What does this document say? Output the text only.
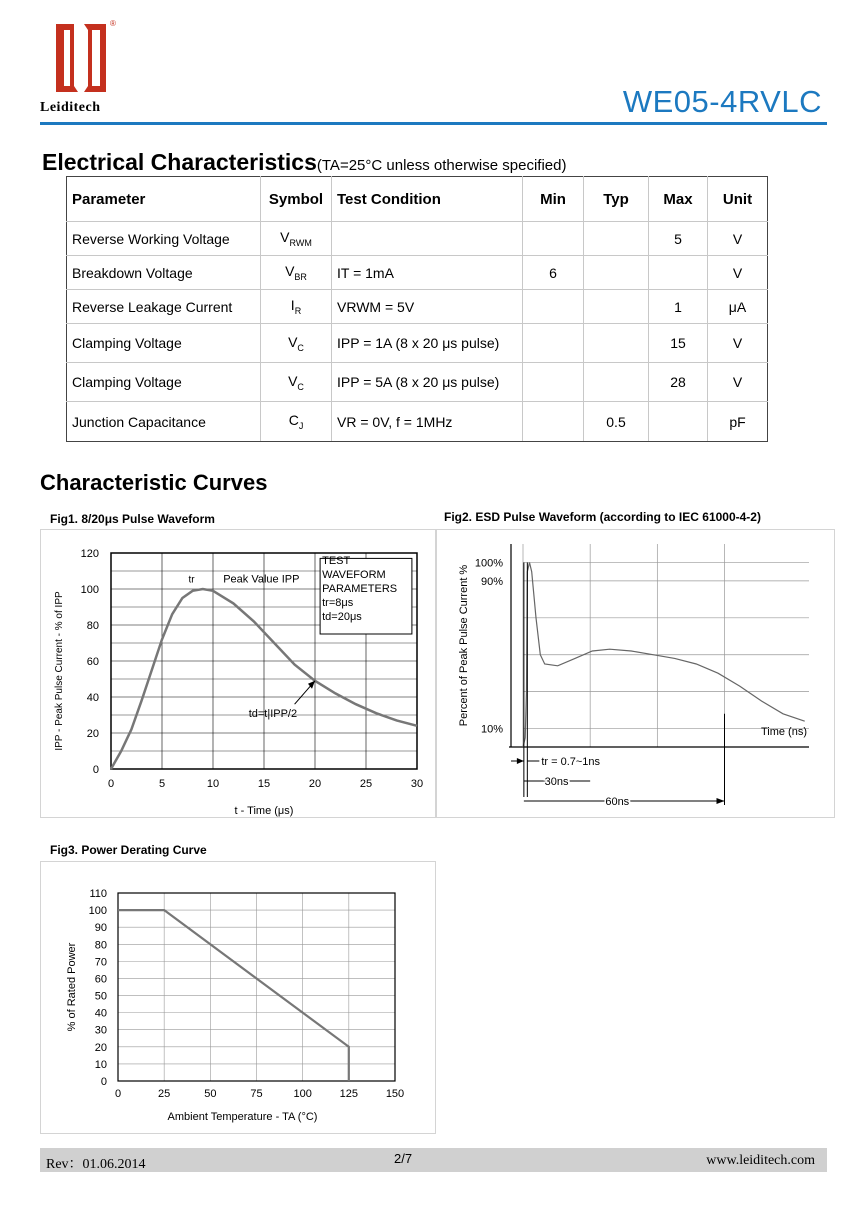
®
Leiditech	WE05-4RVLC
Electrical Characteristics(TA=25°C unless otherwise specified)
Parameter	Symbol	Test Condition	Min	Typ	Max	Unit
Reverse Working Voltage	$V_{RWM}$				5	V
Breakdown Voltage	$V_{BR}$	IT = 1mA	6			V
Reverse Leakage Current	$I_R$	VRWM = 5V			1	μA
Clamping Voltage	$V_C$	IPP = 1A (8 x 20 μs pulse)			15	V
Clamping Voltage	$V_C$	IPP = 5A (8 x 20 μs pulse)			28	V
Junction Capacitance	$C_J$	VR = 0V, f = 1MHz		0.5		pF
Characteristic Curves
Fig1. 8/20μs Pulse Waveform	Fig2. ESD Pulse Waveform (according to IEC 61000-4-2)
Fig3. Power Derating Curve
0
20
40
60
80
100
120
0	5	10	15	20	25	30
t - Time (μs)
IPP - Peak Pulse Current - % of IPP
tr	Peak Value IPP
TEST
WAVEFORM
PARAMETERS
tr=8μs
td=20μs
td=t|IPP/2
100%
90%
10%	Time (ns)
Percent of Peak Pulse Current %
tr = 0.7~1ns
30ns
60ns
0
10
20
30
40
50
60
70
80
90
100
110
0	25	50	75	100	125	150
Ambient Temperature - TA (°C)
% of Rated Power
Rev：01.06.2014	2/7	www.leiditech.com
